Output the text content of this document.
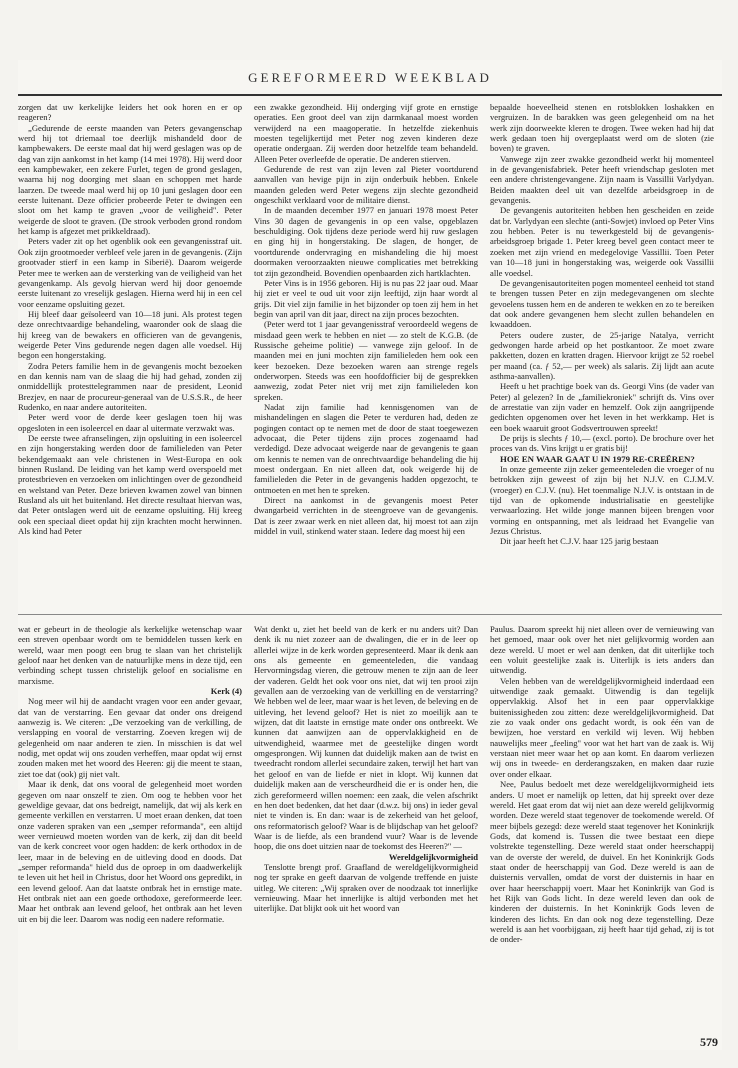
GEREFORMEERD WEEKBLAD

zorgen dat uw kerkelijke leiders het ook horen en er op reageren?

„Gedurende de eerste maanden van Peters gevangenschap werd hij tot driemaal toe deerlijk mishandeld door de kampbewakers. De eerste maal dat hij werd geslagen was op de dag van zijn aankomst in het kamp (14 mei 1978). Hij werd door een kampbewaker, een zekere Furlet, tegen de grond geslagen, waarna hij nog doorging met slaan en schoppen met harde laarzen. De tweede maal werd hij op 10 juni geslagen door een eerste luitenant. Deze officier probeerde Peter te dwingen een sloot om het kamp te graven „voor de veiligheid". Peter weigerde de sloot te graven. (De strook verboden grond rondom het kamp is afgezet met prikkeldraad).

Peters vader zit op het ogenblik ook een gevangenisstraf uit. Ook zijn grootmoeder verbleef vele jaren in de gevangenis. (Zijn grootvader stierf in een kamp in Siberië). Daarom weigerde Peter mee te werken aan de versterking van de veiligheid van het gevangenkamp. Als gevolg hiervan werd hij door genoemde eerste luitenant zo vreselijk geslagen. Hierna werd hij in een cel voor eenzame opsluiting gezet.

Hij bleef daar geïsoleerd van 10—18 juni. Als protest tegen deze onrechtvaardige behandeling, waaronder ook de slaag die hij kreeg van de bewakers en officieren van de gevangenis, weigerde Peter Vins gedurende negen dagen alle voedsel. Hij begon een hongerstaking.

Zodra Peters familie hem in de gevangenis mocht bezoeken en dan kennis nam van de slaag die hij had gehad, zonden zij onmiddellijk protesttelegrammen naar de president, Leonid Brezjev, en naar de procureur-generaal van de U.S.S.R., de heer Rudenko, en naar andere autoriteiten.

Peter werd voor de derde keer geslagen toen hij was opgesloten in een isoleercel en daar al uitermate verzwakt was.

De eerste twee afranselingen, zijn opsluiting in een isoleercel en zijn hongerstaking werden door de familieleden van Peter bekendgemaakt aan vele christenen in West-Europa en ook binnen Rusland. De leiding van het kamp werd overspoeld met protestbrieven en verzoeken om inlichtingen over de gezondheid en welstand van Peter. Deze brieven kwamen zowel van binnen Rusland als uit het buitenland. Het directe resultaat hiervan was, dat Peter ontslagen werd uit de eenzame opsluiting. Hij kreeg ook een speciaal dieet opdat hij zijn krachten mocht herwinnen. Als kind had Peter

een zwakke gezondheid. Hij onderging vijf grote en ernstige operaties. Een groot deel van zijn darmkanaal moest worden verwijderd na een maagoperatie. In hetzelfde ziekenhuis moesten tegelijkertijd met Peter nog zeven kinderen deze operatie ondergaan. Zij werden door hetzelfde team behandeld. Alleen Peter overleefde de operatie. De anderen stierven.

Gedurende de rest van zijn leven zal Pieter voortdurend aanvallen van hevige pijn in zijn onderbuik hebben. Enkele maanden geleden werd Peter wegens zijn slechte gezondheid ongeschikt verklaard voor de militaire dienst.

In de maanden december 1977 en januari 1978 moest Peter Vins 30 dagen de gevangenis in op een valse, opgeblazen beschuldiging. Ook tijdens deze periode werd hij ruw geslagen en ging hij in hongerstaking. De slagen, de honger, de voortdurende ondervraging en mishandeling die hij moest doormaken veroorzaakten nieuwe complicaties met betrekking tot zijn gezondheid. Bovendien openbaarden zich hartklachten.

Peter Vins is in 1956 geboren. Hij is nu pas 22 jaar oud. Maar hij ziet er veel te oud uit voor zijn leeftijd, zijn haar wordt al grijs. Dit viel zijn familie in het bijzonder op toen zij hem in het begin van april van dit jaar, direct na zijn proces bezochten.

(Peter werd tot 1 jaar gevangenisstraf veroordeeld wegens de misdaad geen werk te hebben en niet — zo stelt de K.G.B. (de Russische geheime politie) — vanwege zijn geloof. In de maanden mei en juni mochten zijn familieleden hem ook een keer bezoeken. Deze bezoeken waren aan strenge regels onderworpen. Steeds was een hoofdofficier bij de gesprekken aanwezig, zodat Peter niet vrij met zijn familieleden kon spreken.

Nadat zijn familie had kennisgenomen van de mishandelingen en slagen die Peter te verduren had, deden ze pogingen contact op te nemen met de door de staat toegewezen advocaat, die Peter tijdens zijn proces zogenaamd had verdedigd. Deze advocaat weigerde naar de gevangenis te gaan om kennis te nemen van de onrechtvaardige behandeling die hij moest ondergaan. En niet alleen dat, ook weigerde hij de familieleden die Peter in de gevangenis hadden opgezocht, te ontmoeten en met hen te spreken.

Direct na aankomst in de gevangenis moest Peter dwangarbeid verrichten in de steengroeve van de gevangenis. Dat is zeer zwaar werk en niet alleen dat, hij moest tot aan zijn middel in vuil, stinkend water staan. Iedere dag moest hij een

bepaalde hoeveelheid stenen en rotsblokken loshakken en vergruizen. In de barakken was geen gelegenheid om na het werk zijn doorweekte kleren te drogen. Twee weken had hij dat werk gedaan toen hij overgeplaatst werd om de sloten (zie boven) te graven.

Vanwege zijn zeer zwakke gezondheid werkt hij momenteel in de gevangenisfabriek. Peter heeft vriendschap gesloten met een andere christengevangene. Zijn naam is Vassillii Varlydyan. Beiden maakten deel uit van dezelfde arbeidsgroep in de gevangenis.

De gevangenis autoriteiten hebben hen gescheiden en zeide dat br. Varlydyan een slechte (anti-Sowjet) invloed op Peter Vins zou hebben. Peter is nu tewerkgesteld bij de gevangenis-arbeidsgroep brigade 1. Peter kreeg bevel geen contact meer te zoeken met zijn vriend en medegelovige Vassillii. Toen Peter van 10—18 juni in hongerstaking was, weigerde ook Vassillii alle voedsel.

De gevangenisautoriteiten pogen momenteel eenheid tot stand te brengen tussen Peter en zijn medegevangenen om slechte gevoelens tussen hem en de anderen te wekken en zo te bereiken dat ook andere gevangenen hem slecht zullen behandelen en kwaaddoen.

Peters oudere zuster, de 25-jarige Natalya, verricht gedwongen harde arbeid op het postkantoor. Ze moet zware pakketten, dozen en kratten dragen. Hiervoor krijgt ze 52 roebel per maand (ca. ƒ 52,— per week) als salaris. Zij lijdt aan acute asthma-aanvallen).

Heeft u het prachtige boek van ds. Georgi Vins (de vader van Peter) al gelezen? In de „familiekroniek" schrijft ds. Vins over de arrestatie van zijn vader en hemzelf. Ook zijn aangrijpende gedichten opgenomen over het leven in het werkkamp. Het is een boek waaruit groot Godsvertrouwen spreekt!

De prijs is slechts ƒ 10,— (excl. porto). De brochure over het proces van ds. Vins krijgt u er gratis bij!

HOE EN WAAR GAAT U IN 1979 RE-CREËREN?

In onze gemeente zijn zeker gemeenteleden die vroeger of nu betrokken zijn geweest of zijn bij het N.J.V. en C.J.M.V. (vroeger) en C.J.V. (nu). Het toenmalige N.J.V. is ontstaan in de tijd van de opkomende industrialisatie en geestelijke verwaarlozing. Het wilde jonge mannen bijeen brengen voor vorming en ontspanning, met als leidraad het Evangelie van Jezus Christus.

Dit jaar heeft het C.J.V. haar 125 jarig bestaan

wat er gebeurt in de theologie als kerkelijke wetenschap waar een streven openbaar wordt om te bemiddelen tussen kerk en wereld, waar men poogt een brug te slaan van het christelijk geloof naar het denken van de natuurlijke mens in deze tijd, een verbinding schept tussen christelijk geloof en socialisme en marxisme.

Kerk (4)

Nog meer wil hij de aandacht vragen voor een ander gevaar, dat van de verstarring. Een gevaar dat onder ons dreigend aanwezig is. We citeren: „De verzoeking van de verkilling, de verslapping en vooral de verstarring. Zoeven kregen wij de gelegenheid om naar anderen te zien. In misschien is dat wel nodig, met opdat wij ons zouden verheffen, maar opdat wij ernst zouden maken met het woord des Heeren: gij die meent te staan, ziet toe dat (ook) gij niet valt.

Maar ik denk, dat ons vooral de gelegenheid moet worden gegeven om naar onszelf te zien. Om oog te hebben voor het geweldige gevaar, dat ons bedreigt, namelijk, dat wij als kerk en gemeente verkillen en verstarren. U moet eraan denken, dat toen onze vaderen spraken van een „semper reformanda", een altijd weer vernieuwd moeten worden van de kerk, zij dan dit beeld van de kerk concreet voor ogen hadden: de kerk orthodox in de leer, maar in de beleving en de uitleving dood en doods. Dat „semper reformanda" hield dus de oproep in om daadwerkelijk te leven uit het heil in Christus, door het Woord ons gepredikt, in een levend geloof. Aan dat laatste ontbrak het in ernstige mate. Het ontbrak niet aan een goede orthodoxe, gereformeerde leer. Maar het ontbrak aan levend geloof, het ontbrak aan het leven uit en bij die leer. Daarom was nodig een nadere reformatie.

Wat denkt u, ziet het beeld van de kerk er nu anders uit? Dan denk ik nu niet zozeer aan de dwalingen, die er in de leer op allerlei wijze in de kerk worden gepresenteerd. Maar ik denk aan ons als gemeente en gemeenteleden, die vandaag Hervormingsdag vieren, die getrouw menen te zijn aan de leer der vaderen. Geldt het ook voor ons niet, dat wij ten prooi zijn gevallen aan de verzoeking van de verkilling en de verstarring? We hebben wel de leer, maar waar is het leven, de beleving en de uitleving, het levend geloof? Het is niet zo moeilijk aan te wijzen, dat dit laatste in ernstige mate onder ons ontbreekt. We kunnen dat aanwijzen aan de oppervlakkigheid en de uitwendigheid, waarmee met de geestelijke dingen wordt omgesprongen. Wij kunnen dat duidelijk maken aan de twist en tweedracht rondom allerlei secundaire zaken, terwijl het hart van het geloof en van de liefde er niet in klopt. Wij kunnen dat duidelijk maken aan de verscheurdheid die er is onder hen, die zich gereformeerd willen noemen: een zaak, die velen afschrikt en hen doet bedenken, dat het daar (d.w.z. bij ons) in ieder geval niet te vinden is. En dan: waar is de zekerheid van het geloof, ons reformatorisch geloof? Waar is de blijdschap van het geloof? Waar is de liefde, als een brandend vuur? Waar is de levende hoop, die ons doet uitzien naar de toekomst des Heeren?" —

Wereldgelijkvormigheid

Tenslotte brengt prof. Graafland de wereldgelijkvormigheid nog ter sprake en geeft daarvan de volgende treffende en juiste uitleg. We citeren: „Wij spraken over de noodzaak tot innerlijke vernieuwing. Maar het innerlijke is altijd verbonden met het uiterlijke. Dat blijkt ook uit het woord van

Paulus. Daarom spreekt hij niet alleen over de vernieuwing van het gemoed, maar ook over het niet gelijkvormig worden aan deze wereld. U moet er wel aan denken, dat dit uiterlijke toch een voluit geestelijke zaak is. Uiterlijk is iets anders dan uitwendig.

Velen hebben van de wereldgelijkvormigheid inderdaad een uitwendige zaak gemaakt. Uitwendig is dan tegelijk oppervlakkig. Alsof het in een paar oppervlakkige buitenissigheden zou zitten: deze wereldgelijkvormigheid. Dat zie zo vaak onder ons gedacht wordt, is ook één van de bewijzen, hoe verstard en verkild wij leven. Wij hebben nauwelijks meer „feeling" voor wat het hart van de zaak is. Wij verstaan niet meer waar het op aan komt. En daarom verliezen wij ons in tweede- en derderangszaken, en maken daar ruzie over onder elkaar.

Nee, Paulus bedoelt met deze wereldgelijkvormigheid iets anders. U moet er namelijk op letten, dat hij spreekt over deze wereld. Het gaat erom dat wij niet aan deze wereld gelijkvormig worden. Deze wereld staat tegenover de toekomende wereld. Of meer bijbels gezegd: deze wereld staat tegenover het Koninkrijk Gods, dat komend is. Tussen die twee bestaat een diepe volstrekte tegenstelling. Deze wereld staat onder heerschappij van de overste der wereld, de duivel. En het Koninkrijk Gods staat onder de heerschappij van God. Deze wereld is aan de duisternis vervallen, omdat de vorst der duisternis in haar en over haar heerschappij voert. Maar het Koninkrijk van God is het Rijk van Gods licht. In deze wereld leven dan ook de kinderen der duisternis. In het Koninkrijk Gods leven de kinderen des lichts. En dan ook nog deze tegenstelling. Deze wereld is aan het voorbijgaan, zij heeft haar tijd gehad, zij is tot de onder-

579
